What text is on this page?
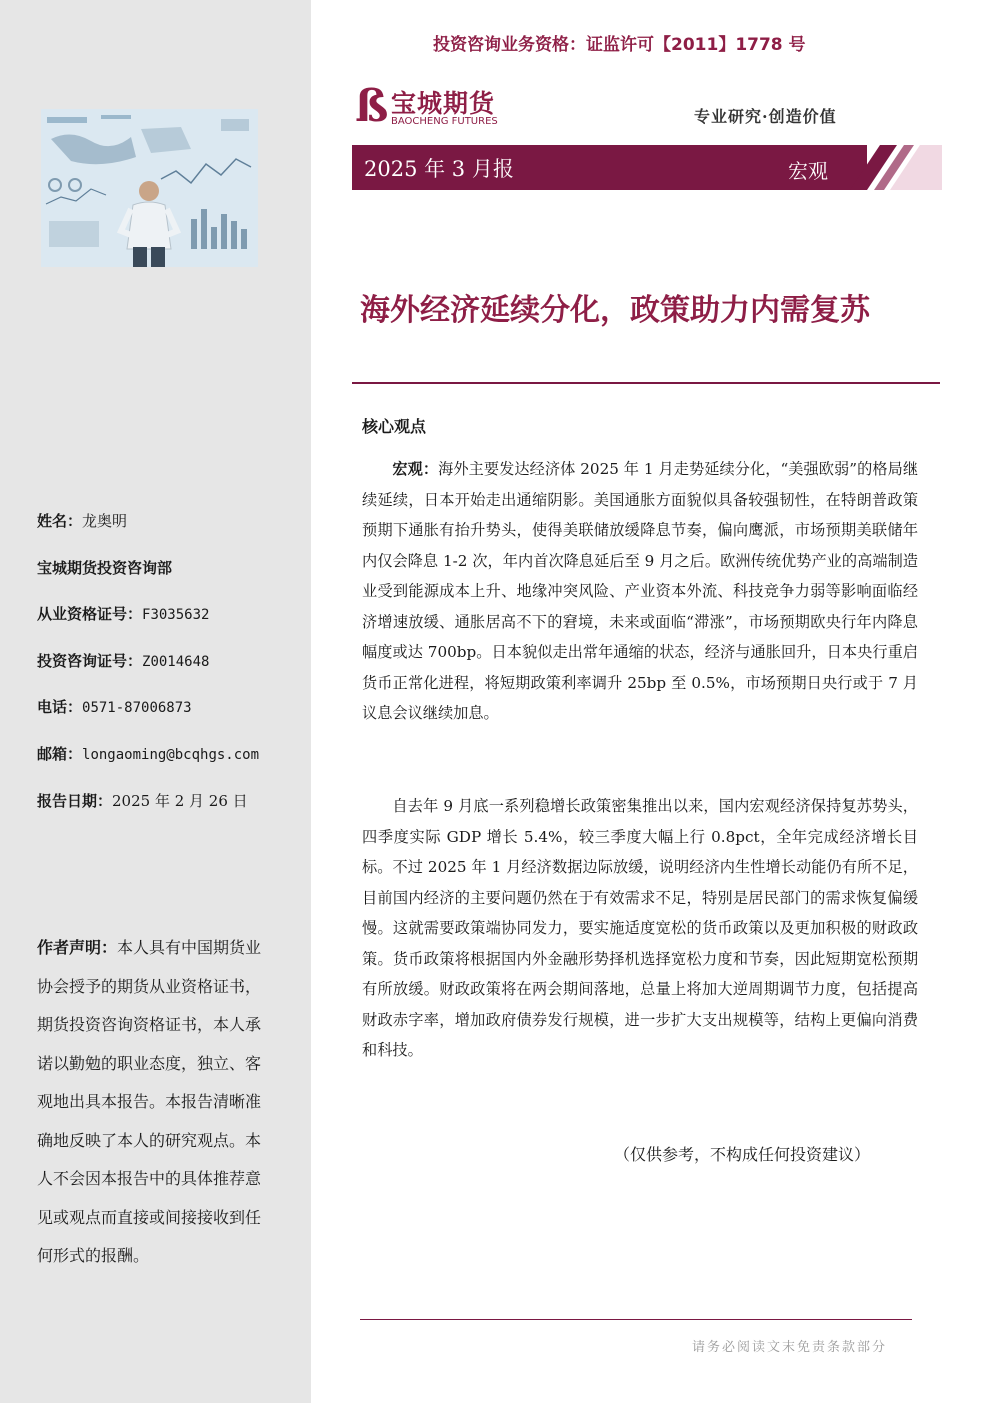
姓名：龙奥明
宝城期货投资咨询部
从业资格证号：F3035632
投资咨询证号：Z0014648
电话：0571-87006873
邮箱：longaoming@bcqhgs.com
报告日期：2025 年 2 月 26 日
作者声明：本人具有中国期货业协会授予的期货从业资格证书，期货投资咨询资格证书，本人承诺以勤勉的职业态度，独立、客观地出具本报告。本报告清晰准确地反映了本人的研究观点。本人不会因本报告中的具体推荐意见或观点而直接或间接接收到任何形式的报酬。
投资咨询业务资格：证监许可【2011】1778 号
ß 宝城期货
BAOCHENG FUTURES	专业研究·创造价值
2025 年 3 月报	宏观
海外经济延续分化，政策助力内需复苏
核心观点

宏观：海外主要发达经济体 2025 年 1 月走势延续分化，“美强欧弱”的格局继续延续，日本开始走出通缩阴影。美国通胀方面貌似具备较强韧性，在特朗普政策预期下通胀有抬升势头，使得美联储放缓降息节奏，偏向鹰派，市场预期美联储年内仅会降息 1-2 次，年内首次降息延后至 9 月之后。欧洲传统优势产业的高端制造业受到能源成本上升、地缘冲突风险、产业资本外流、科技竞争力弱等影响面临经济增速放缓、通胀居高不下的窘境，未来或面临“滞涨”，市场预期欧央行年内降息幅度或达 700bp。日本貌似走出常年通缩的状态，经济与通胀回升，日本央行重启货币正常化进程，将短期政策利率调升 25bp 至 0.5%，市场预期日央行或于 7 月议息会议继续加息。

自去年 9 月底一系列稳增长政策密集推出以来，国内宏观经济保持复苏势头，四季度实际 GDP 增长 5.4%，较三季度大幅上行 0.8pct，全年完成经济增长目标。不过 2025 年 1 月经济数据边际放缓，说明经济内生性增长动能仍有所不足，目前国内经济的主要问题仍然在于有效需求不足，特别是居民部门的需求恢复偏缓慢。这就需要政策端协同发力，要实施适度宽松的货币政策以及更加积极的财政政策。货币政策将根据国内外金融形势择机选择宽松力度和节奏，因此短期宽松预期有所放缓。财政政策将在两会期间落地，总量上将加大逆周期调节力度，包括提高财政赤字率，增加政府债券发行规模，进一步扩大支出规模等，结构上更偏向消费和科技。

（仅供参考，不构成任何投资建议）
请务必阅读文末免责条款部分
